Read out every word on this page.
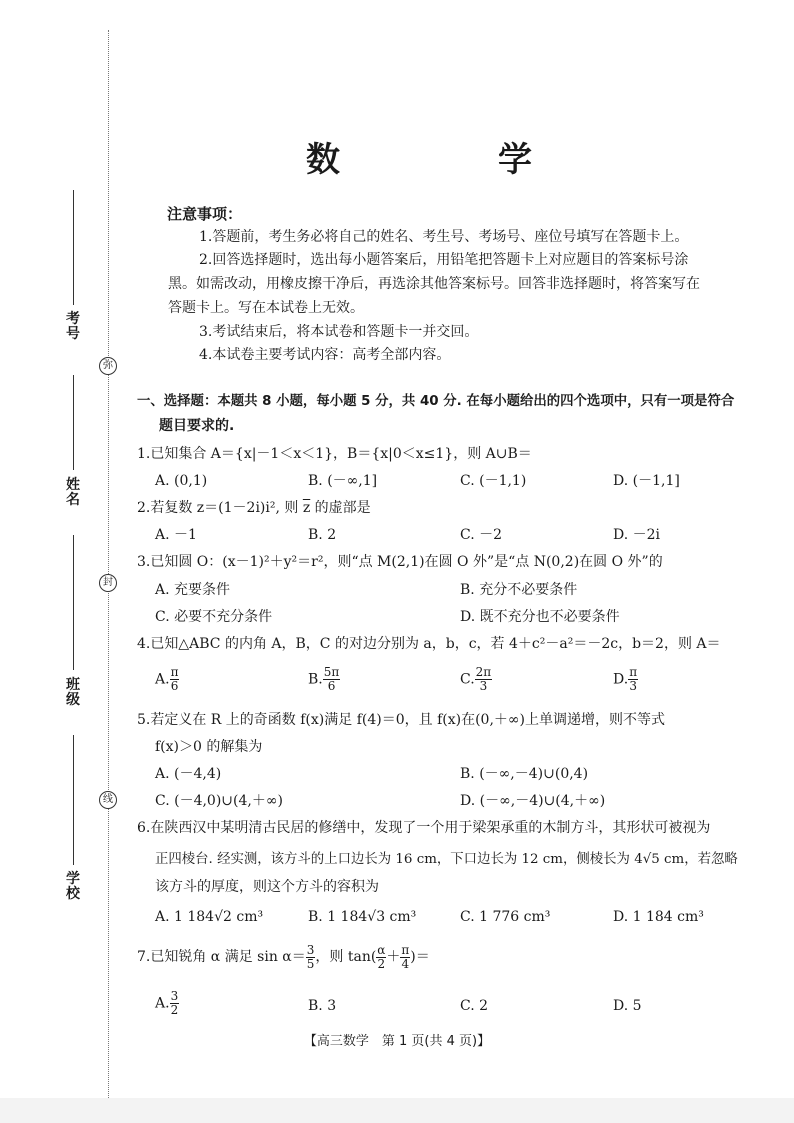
考号
姓名
班级
学校
弥
封
线
数　学
注意事项：
1.答题前，考生务必将自己的姓名、考生号、考场号、座位号填写在答题卡上。
2.回答选择题时，选出每小题答案后，用铅笔把答题卡上对应题目的答案标号涂
黑。如需改动，用橡皮擦干净后，再选涂其他答案标号。回答非选择题时，将答案写在
答题卡上。写在本试卷上无效。
3.考试结束后，将本试卷和答题卡一并交回。
4.本试卷主要考试内容：高考全部内容。
一、选择题：本题共 8 小题，每小题 5 分，共 40 分. 在每小题给出的四个选项中，只有一项是符合
题目要求的.
1.已知集合 A＝{x|－1＜x＜1}，B＝{x|0＜x≤1}，则 A∪B＝
A. (0,1)	B. (－∞,1]	C. (－1,1)	D. (－1,1]
2.若复数 z＝(1－2i)i², 则 $\overline{z}$ 的虚部是
A. －1	B. 2	C. －2	D. －2i
3.已知圆 O：(x－1)²＋y²＝r²，则“点 M(2,1)在圆 O 外”是“点 N(0,2)在圆 O 外”的
A. 充要条件	B. 充分不必要条件
C. 必要不充分条件	D. 既不充分也不必要条件
4.已知△ABC 的内角 A，B，C 的对边分别为 a，b，c，若 4＋c²－a²＝－2c，b＝2，则 A＝
A. $\frac{\pi}{6}$	B. $\frac{5\pi}{6}$	C. $\frac{2\pi}{3}$	D. $\frac{\pi}{3}$
5.若定义在 R 上的奇函数 f(x)满足 f(4)＝0，且 f(x)在(0,＋∞)上单调递增，则不等式
f(x)＞0 的解集为
A. (－4,4)	B. (－∞,－4)∪(0,4)
C. (－4,0)∪(4,＋∞)	D. (－∞,－4)∪(4,＋∞)
6.在陕西汉中某明清古民居的修缮中，发现了一个用于梁架承重的木制方斗，其形状可被视为
正四棱台. 经实测，该方斗的上口边长为 16 cm，下口边长为 12 cm，侧棱长为 4√5 cm，若忽略
该方斗的厚度，则这个方斗的容积为
A. 1 184√2 cm³	B. 1 184√3 cm³	C. 1 776 cm³	D. 1 184 cm³
7.已知锐角 α 满足 $\sin \alpha= \frac{3}{5}$ ，则 $\tan( \frac{\alpha}{2} + \frac{\pi}{4}$ )＝
A. $\frac{3}{2}$	B. 3	C. 2	D. 5
【高三数学　第 1 页(共 4 页)】
